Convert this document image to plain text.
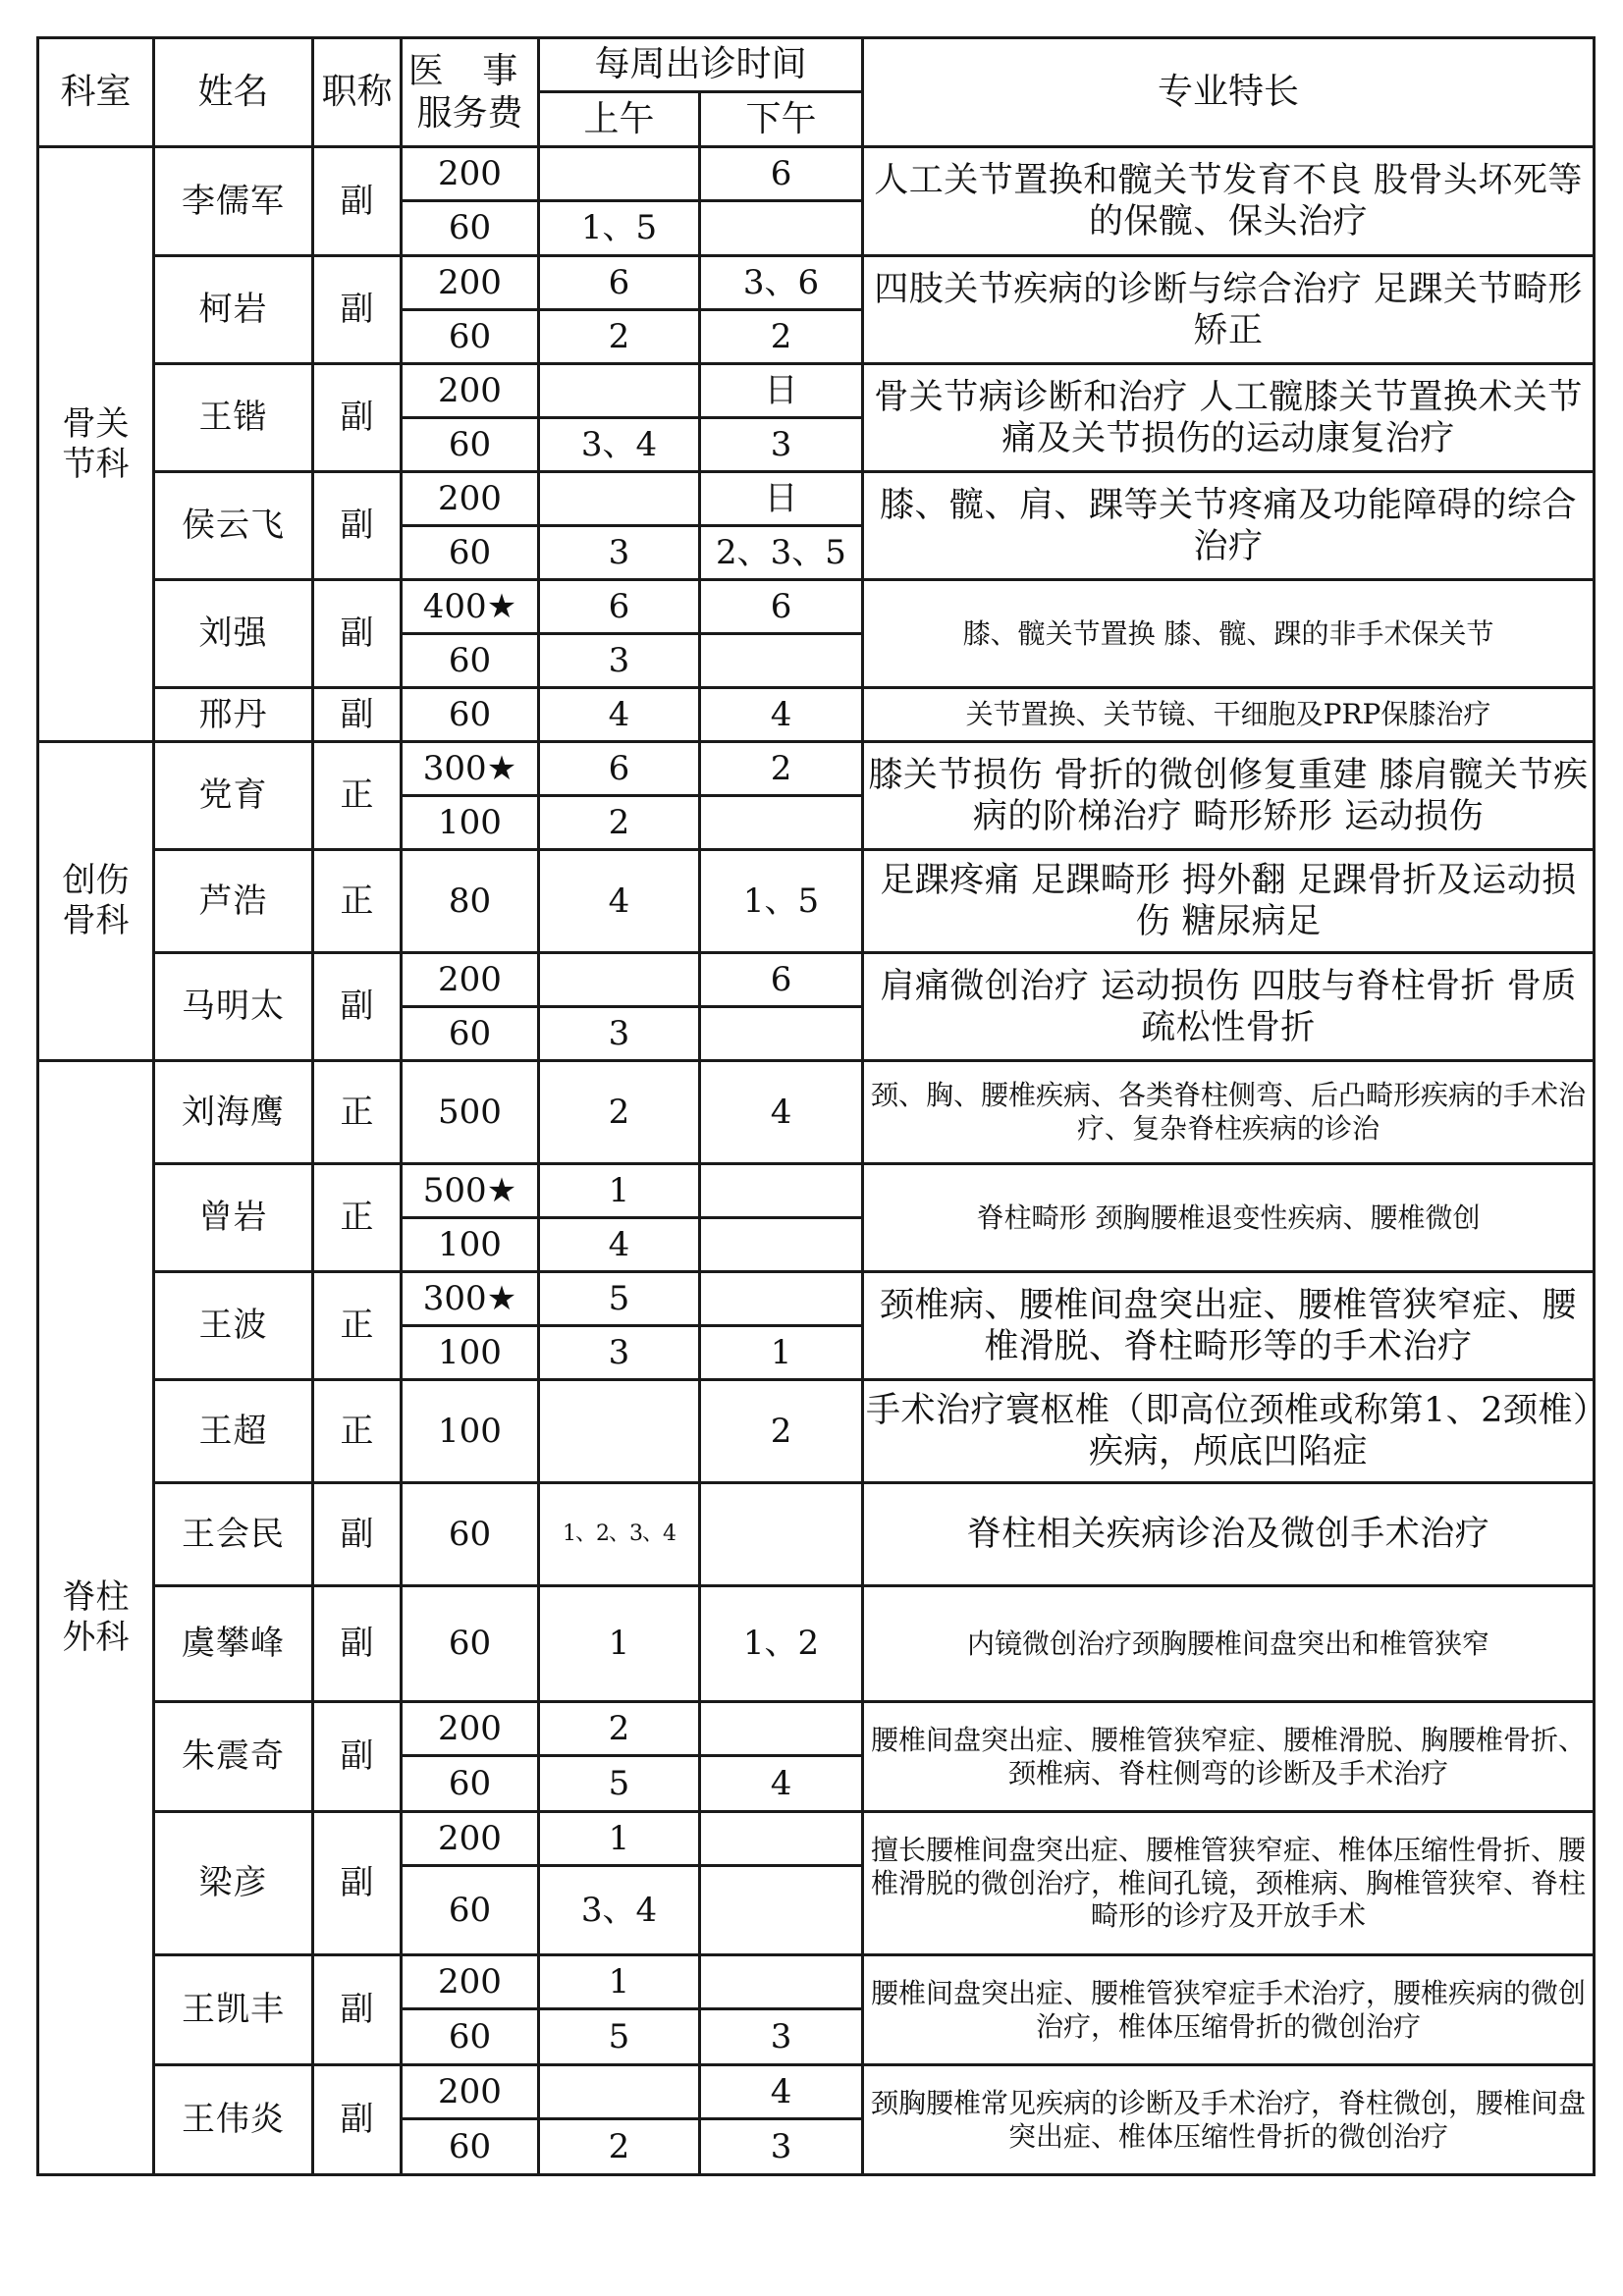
科室	姓名	职称	医 事
服务费	每周出诊时间		专业特长
				上午	下午	

骨关
节科	李儒军	副	200		6	人工关节置换和髋关节发育不良 股骨头坏死等的保髋、保头治疗
			60	1、5		
	柯岩	副	200	6	3、6	四肢关节疾病的诊断与综合治疗 足踝关节畸形矫正
			60	2	2	
	王锴	副	200		日	骨关节病诊断和治疗 人工髋膝关节置换术关节痛及关节损伤的运动康复治疗
			60	3、4	3	
	侯云飞	副	200		日	膝、髋、肩、踝等关节疼痛及功能障碍的综合治疗
			60	3	2、3、5	
	刘强	副	400★	6	6	膝、髋关节置换 膝、髋、踝的非手术保关节
			60	3		
	邢丹	副	60	4	4	关节置换、关节镜、干细胞及PRP保膝治疗

创伤
骨科	党育	正	300★	6	2	膝关节损伤 骨折的微创修复重建 膝肩髋关节疾病的阶梯治疗 畸形矫形 运动损伤
			100	2		
	芦浩	正	80	4	1、5	足踝疼痛 足踝畸形 拇外翻 足踝骨折及运动损伤 糖尿病足
	马明太	副	200		6	肩痛微创治疗 运动损伤 四肢与脊柱骨折 骨质疏松性骨折
			60	3		

脊柱
外科	刘海鹰	正	500	2	4	颈、胸、腰椎疾病、各类脊柱侧弯、后凸畸形疾病的手术治疗、复杂脊柱疾病的诊治
	曾岩	正	500★	1		脊柱畸形 颈胸腰椎退变性疾病、腰椎微创
			100	4		
	王波	正	300★	5		颈椎病、腰椎间盘突出症、腰椎管狭窄症、腰椎滑脱、脊柱畸形等的手术治疗
			100	3	1	
	王超	正	100		2	手术治疗寰枢椎（即高位颈椎或称第1、2颈椎）疾病，颅底凹陷症
	王会民	副	60	1、2、3、4		脊柱相关疾病诊治及微创手术治疗
	虞攀峰	副	60	1	1、2	内镜微创治疗颈胸腰椎间盘突出和椎管狭窄
	朱震奇	副	200	2		腰椎间盘突出症、腰椎管狭窄症、腰椎滑脱、胸腰椎骨折、颈椎病、脊柱侧弯的诊断及手术治疗
			60	5	4	
	梁彦	副	200	1		擅长腰椎间盘突出症、腰椎管狭窄症、椎体压缩性骨折、腰椎滑脱的微创治疗，椎间孔镜，颈椎病、胸椎管狭窄、脊柱畸形的诊疗及开放手术
			60	3、4		
	王凯丰	副	200	1		腰椎间盘突出症、腰椎管狭窄症手术治疗，腰椎疾病的微创治疗，椎体压缩骨折的微创治疗
			60	5	3	
	王伟炎	副	200		4	颈胸腰椎常见疾病的诊断及手术治疗，脊柱微创，腰椎间盘突出症、椎体压缩性骨折的微创治疗
			60	2	3	
